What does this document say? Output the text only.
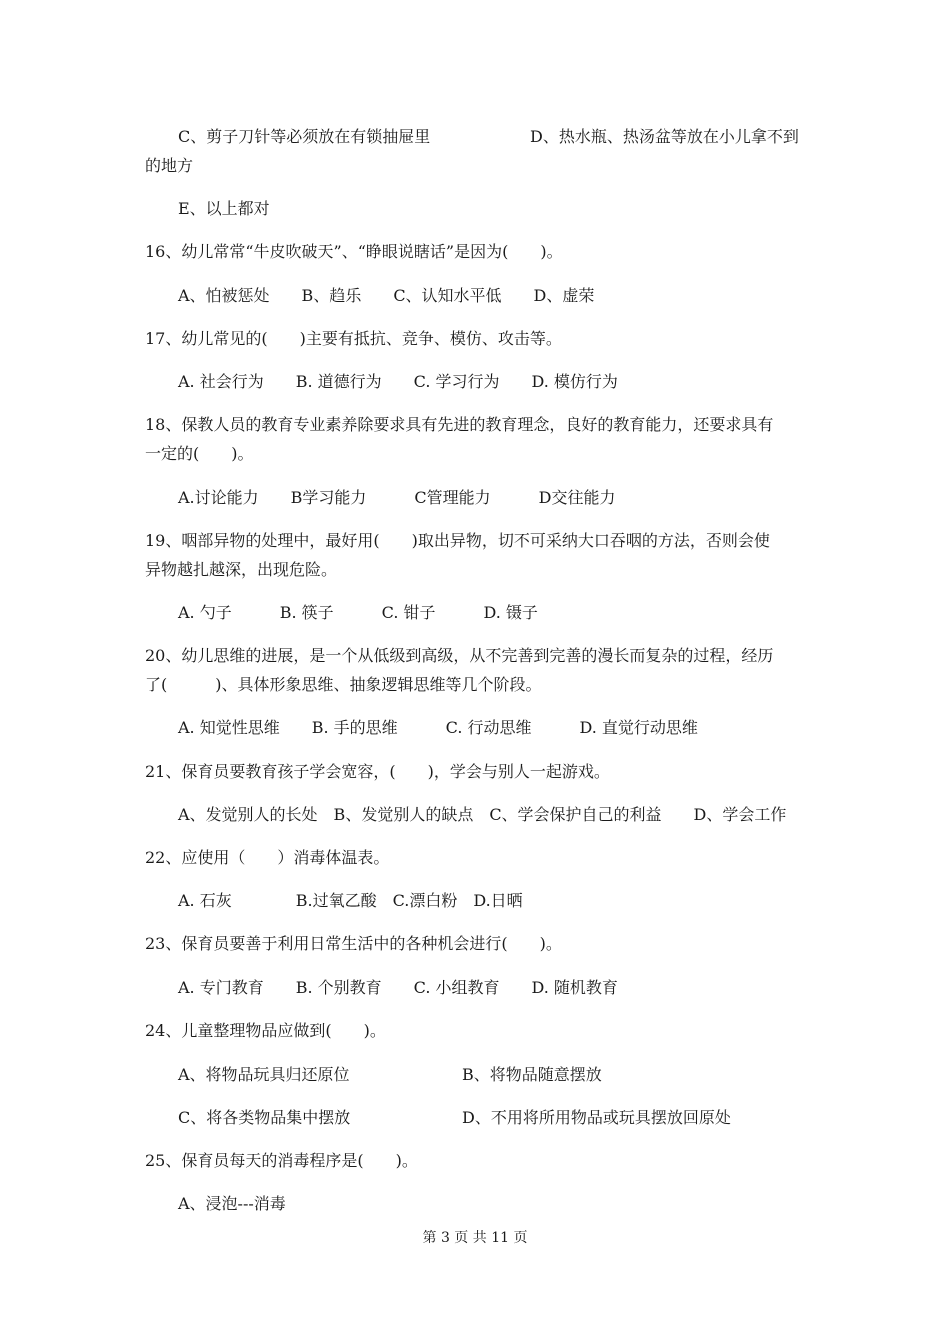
C、剪子刀针等必须放在有锁抽屉里	D、热水瓶、热汤盆等放在小儿拿不到
的地方
E、以上都对
16、幼儿常常“牛皮吹破天”、“睁眼说瞎话”是因为(　　)。
A、怕被惩处　　B、趋乐　　C、认知水平低　　D、虚荣
17、幼儿常见的(　　)主要有抵抗、竞争、模仿、攻击等。
A. 社会行为　　B. 道德行为　　C. 学习行为　　D. 模仿行为
18、保教人员的教育专业素养除要求具有先进的教育理念，良好的教育能力，还要求具有
一定的(　　)。
A.讨论能力　　B学习能力　　　C管理能力　　　D交往能力
19、咽部异物的处理中，最好用(　　)取出异物，切不可采纳大口吞咽的方法，否则会使
异物越扎越深，出现危险。
A. 勺子　　　B. 筷子　　　C. 钳子　　　D. 镊子
20、幼儿思维的进展，是一个从低级到高级，从不完善到完善的漫长而复杂的过程，经历
了(　　　)、具体形象思维、抽象逻辑思维等几个阶段。
A. 知觉性思维　　B. 手的思维　　　C. 行动思维　　　D. 直觉行动思维
21、保育员要教育孩子学会宽容，(　　)，学会与别人一起游戏。
A、发觉别人的长处　B、发觉别人的缺点　C、学会保护自己的利益　　D、学会工作
22、应使用（　　）消毒体温表。
A. 石灰　　　　B.过氧乙酸　C.漂白粉　D.日晒
23、保育员要善于利用日常生活中的各种机会进行(　　)。
A. 专门教育　　B. 个别教育　　C. 小组教育　　D. 随机教育
24、儿童整理物品应做到(　　)。
A、将物品玩具归还原位	B、将物品随意摆放
C、将各类物品集中摆放	D、不用将所用物品或玩具摆放回原处
25、保育员每天的消毒程序是(　　)。
A、浸泡---消毒
第 3 页 共 11 页
